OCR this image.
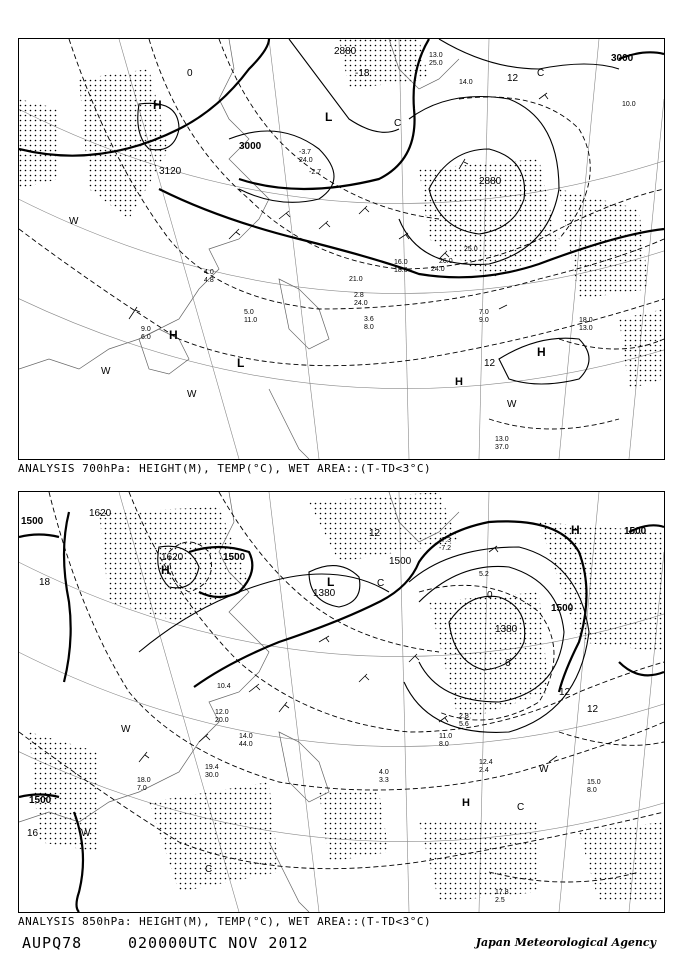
3000
3120
2880
3000
2880
H
L
H
L
H
H
-18
0	12
12
C
C
W
W
W
W
9.0
6.0
3.6
8.0
7.0
9.0	18.0
13.0
13.0
37.0
2.8
24.0
5.0
11.0
4.0
4.8
16.0
18.0
21.0
24.0
26.0
25.0
13.0
14.0
25.0
10.0
-3.7
24.0
-2.7
ANALYSIS 700hPa: HEIGHT(M), TEMP(°C), WET AREA::(T-TD<3°C)
1500
1620
1620	1500
1380
1380
1500
1500
1500
1500
H
H
L
H
H
18
0
12
12
12
6
C
C
C
W
W
W
16
15.0
8.0
17.8
2.5
12.4
2.4
18.0
7.0
19.4
30.0
12.0
20.0
14.0
44.0
2.8
5.6
4.0
3.3
11.0
8.0
-7.3
-7.2
5.2
10.4
ANALYSIS 850hPa: HEIGHT(M), TEMP(°C), WET AREA::(T-TD<3°C)
AUPQ78	020000UTC NOV 2012	Japan Meteorological Agency
